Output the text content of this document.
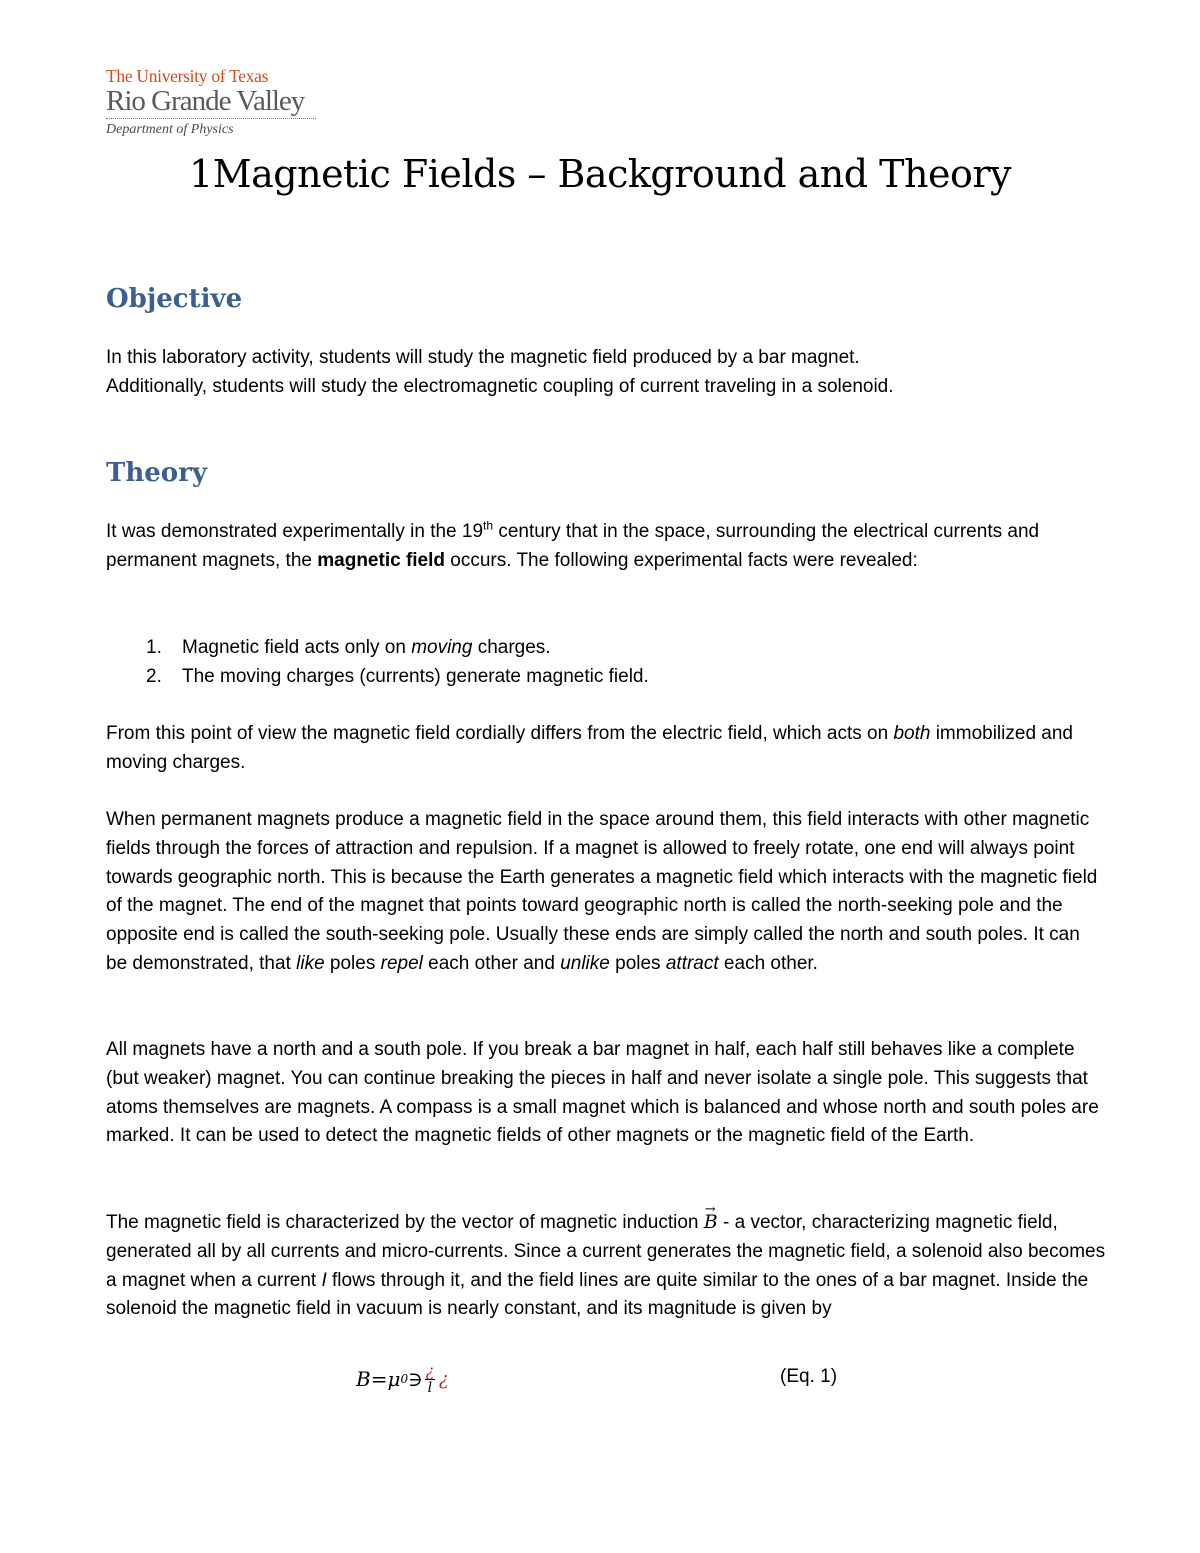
The University of Texas
Rio Grande Valley
Department of Physics
1Magnetic Fields – Background and Theory
Objective

In this laboratory activity, students will study the magnetic field produced by a bar magnet.
Additionally, students will study the electromagnetic coupling of current traveling in a solenoid.

Theory

It was demonstrated experimentally in the 19th century that in the space, surrounding the electrical currents and permanent magnets, the magnetic field occurs. The following experimental facts were revealed:

1. Magnetic field acts only on moving charges.
2. The moving charges (currents) generate magnetic field.

From this point of view the magnetic field cordially differs from the electric field, which acts on both immobilized and moving charges.

When permanent magnets produce a magnetic field in the space around them, this field interacts with other magnetic fields through the forces of attraction and repulsion. If a magnet is allowed to freely rotate, one end will always point towards geographic north. This is because the Earth generates a magnetic field which interacts with the magnetic field of the magnet. The end of the magnet that points toward geographic north is called the north-seeking pole and the opposite end is called the south-seeking pole. Usually these ends are simply called the north and south poles. It can be demonstrated, that like poles repel each other and unlike poles attract each other.

All magnets have a north and a south pole. If you break a bar magnet in half, each half still behaves like a complete (but weaker) magnet. You can continue breaking the pieces in half and never isolate a single pole. This suggests that atoms themselves are magnets. A compass is a small magnet which is balanced and whose north and south poles are marked. It can be used to detect the magnetic fields of other magnets or the magnetic field of the Earth.

The magnetic field is characterized by the vector of magnetic induction → B - a vector, characterizing magnetic field, generated all by all currents and micro-currents. Since a current generates the magnetic field, a solenoid also becomes a magnet when a current I flows through it, and the field lines are quite similar to the ones of a bar magnet. Inside the solenoid the magnetic field in vacuum is nearly constant, and its magnitude is given by

B = μ 0 ∋ $\frac{¿}{l}$ ¿	(Eq. 1)
